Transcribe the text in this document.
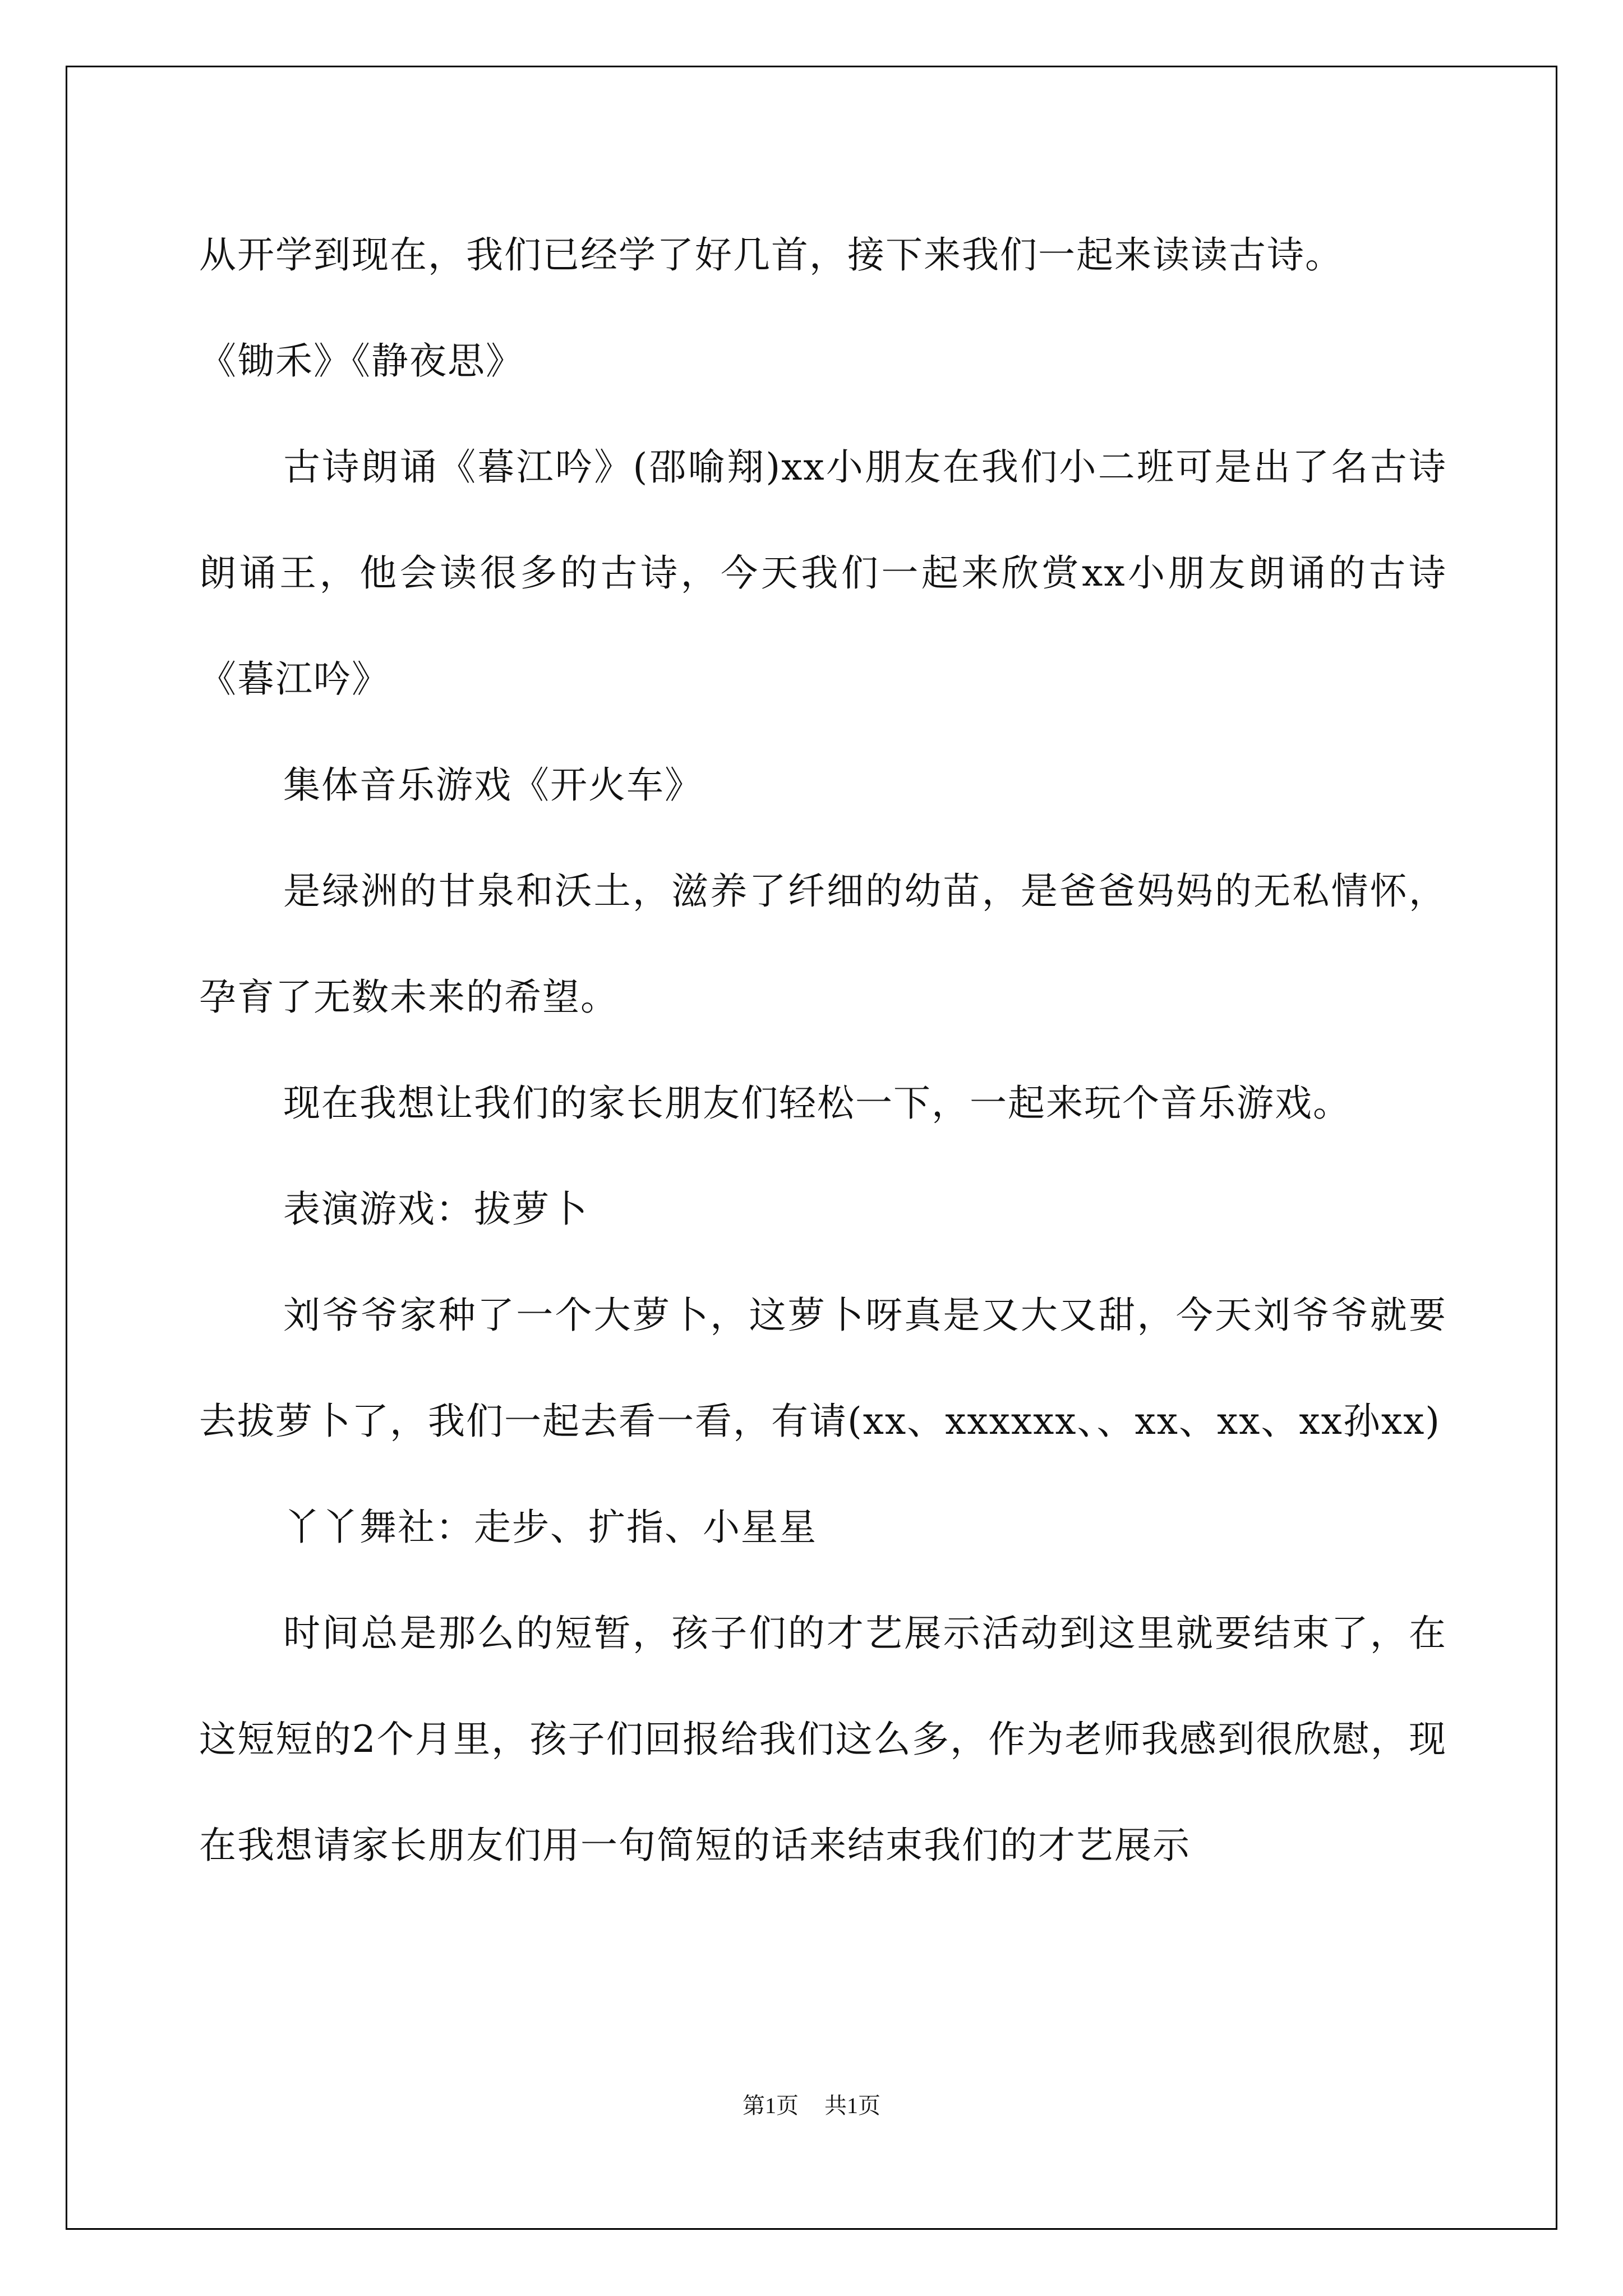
从开学到现在，我们已经学了好几首，接下来我们一起来读读古诗。

《锄禾》《静夜思》

古诗朗诵《暮江吟》(邵喻翔)xx小朋友在我们小二班可是出了名古诗朗诵王，他会读很多的古诗，今天我们一起来欣赏xx小朋友朗诵的古诗《暮江吟》

集体音乐游戏《开火车》

是绿洲的甘泉和沃土，滋养了纤细的幼苗，是爸爸妈妈的无私情怀，孕育了无数未来的希望。

现在我想让我们的家长朋友们轻松一下，一起来玩个音乐游戏。

表演游戏：拔萝卜

刘爷爷家种了一个大萝卜，这萝卜呀真是又大又甜，今天刘爷爷就要去拔萝卜了，我们一起去看一看，有请(xx、xxxxxx、、xx、xx、xx孙xx)

丫丫舞社：走步、扩指、小星星

时间总是那么的短暂，孩子们的才艺展示活动到这里就要结束了，在这短短的2个月里，孩子们回报给我们这么多，作为老师我感到很欣慰，现在我想请家长朋友们用一句简短的话来结束我们的才艺展示

第1页 共1页
